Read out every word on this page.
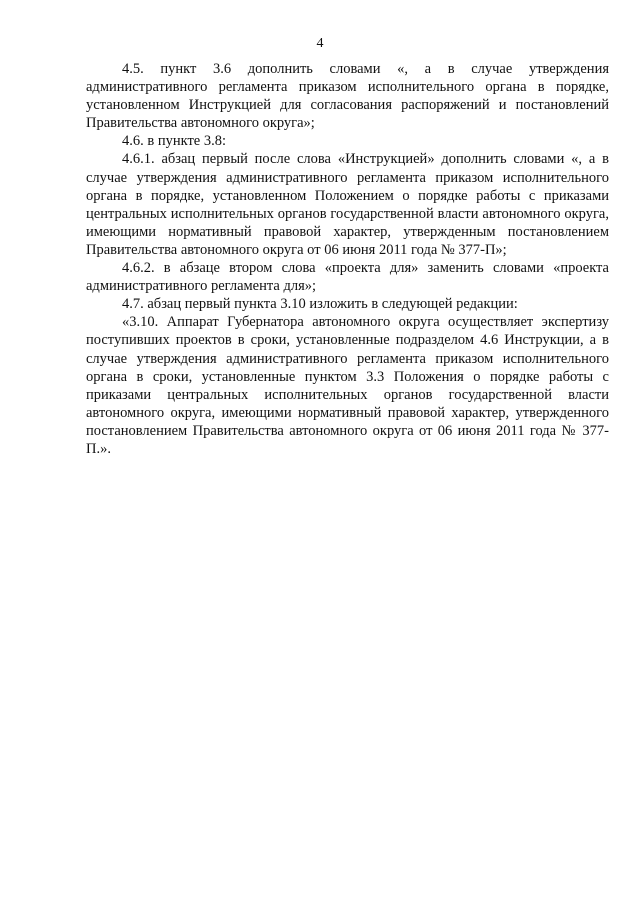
4

4.5. пункт 3.6 дополнить словами «, а в случае утверждения административного регламента приказом исполнительного органа в порядке, установленном Инструкцией для согласования распоряжений и постановлений Правительства автономного округа»;

4.6. в пункте 3.8:

4.6.1. абзац первый после слова «Инструкцией» дополнить словами «, а в случае утверждения административного регламента приказом исполнительного органа в порядке, установленном Положением о порядке работы с приказами центральных исполнительных органов государственной власти автономного округа, имеющими нормативный правовой характер, утвержденным постановлением Правительства автономного округа от 06 июня 2011 года № 377-П»;

4.6.2. в абзаце втором слова «проекта для» заменить словами «проекта административного регламента для»;

4.7. абзац первый пункта 3.10 изложить в следующей редакции:

«3.10. Аппарат Губернатора автономного округа осуществляет экспертизу поступивших проектов в сроки, установленные подразделом 4.6 Инструкции, а в случае утверждения административного регламента приказом исполнительного органа в сроки, установленные пунктом 3.3 Положения о порядке работы с приказами центральных исполнительных органов государственной власти автономного округа, имеющими нормативный правовой характер, утвержденного постановлением Правительства автономного округа от 06 июня 2011 года № 377-П.».
